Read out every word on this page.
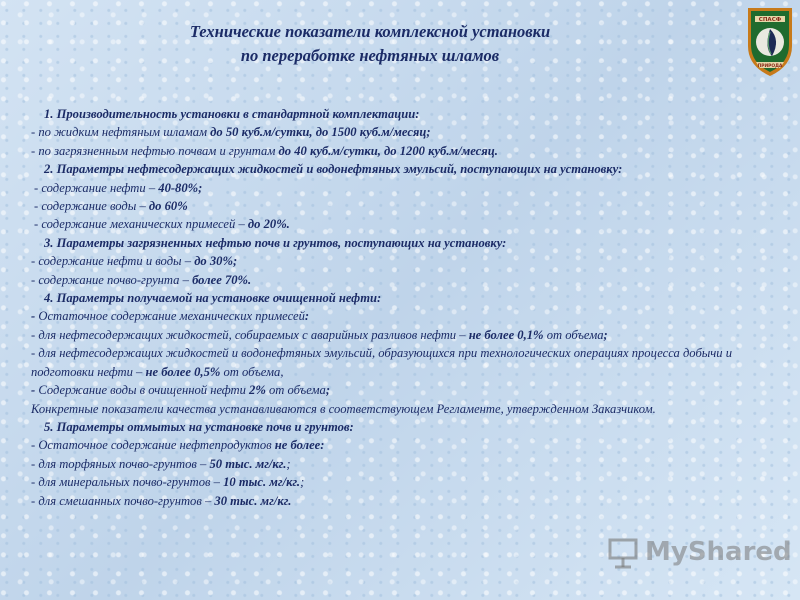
Технические показатели комплексной установки
по переработке нефтяных шламов
СПАСФ
ПРИРОДА
1. Производительность установки в стандартной комплектации:
- по жидким нефтяным шламам до 50 куб.м/сутки, до 1500 куб.м/месяц;
- по загрязненным нефтью почвам и грунтам до 40 куб.м/сутки, до 1200 куб.м/месяц.
2. Параметры нефтесодержащих жидкостей и водонефтяных эмульсий, поступающих на установку:
- содержание нефти – 40-80%;
- содержание воды – до 60%
- содержание механических примесей – до 20%.
3. Параметры загрязненных нефтью почв и грунтов, поступающих на установку:
- содержание нефти и воды – до 30%;
- содержание почво-грунта – более 70%.
4. Параметры получаемой на установке очищенной нефти:
- Остаточное содержание механических примесей:
- для нефтесодержащих жидкостей, собираемых с аварийных разливов нефти – не более 0,1% от объема;
- для нефтесодержащих жидкостей и водонефтяных эмульсий, образующихся при технологических операциях процесса добычи и подготовки нефти – не более 0,5% от объема,
- Содержание воды в очищенной нефти 2% от объема;
Конкретные показатели качества устанавливаются в соответствующем Регламенте, утвержденном Заказчиком.
5. Параметры отмытых на установке почв и грунтов:
- Остаточное содержание нефтепродуктов не более:
- для торфяных почво-грунтов – 50 тыс. мг/кг.;
- для минеральных почво-грунтов – 10 тыс. мг/кг.;
- для смешанных почво-грунтов – 30 тыс. мг/кг.
MyShared
